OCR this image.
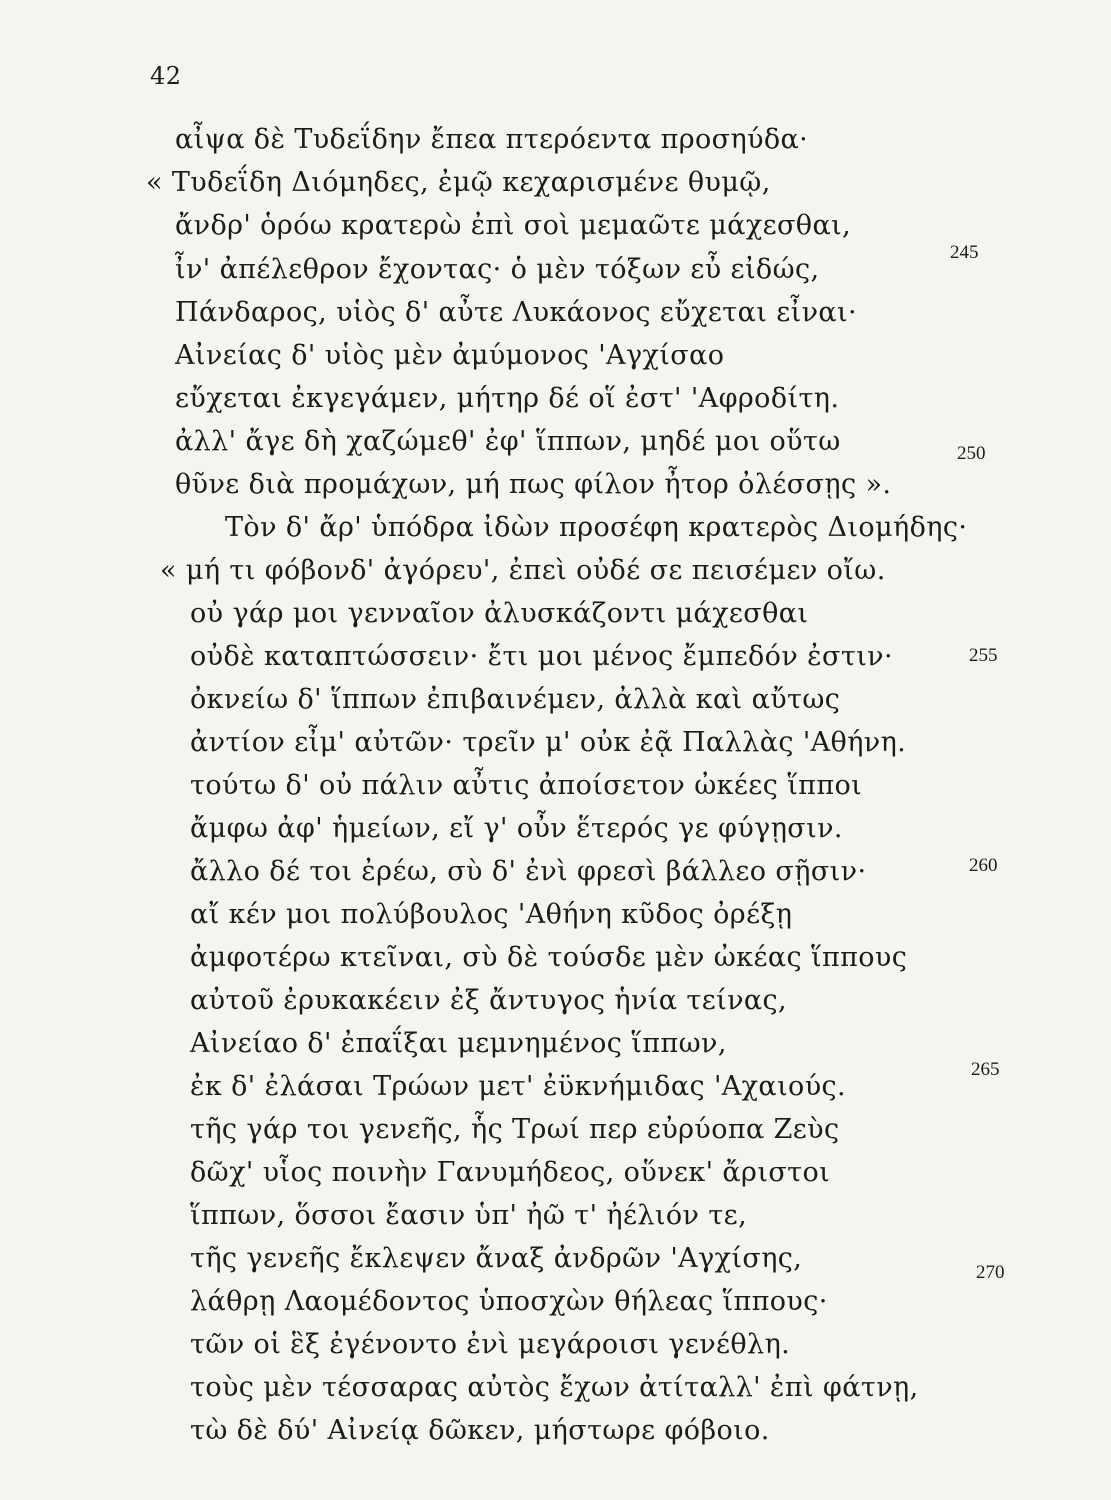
42
αἶψα δὲ Τυδεΐδην ἔπεα πτερόεντα προσηύδα·
« Τυδεΐδη Διόμηδες, ἐμῷ κεχαρισμένε θυμῷ,
ἄνδρ' ὁρόω κρατερὼ ἐπὶ σοὶ μεμαῶτε μάχεσθαι,
ἶν' ἀπέλεθρον ἔχοντας· ὁ μὲν τόξων εὖ εἰδώς,
Πάνδαρος, υἱὸς δ' αὖτε Λυκάονος εὔχεται εἶναι·
Αἰνείας δ' υἱὸς μὲν ἀμύμονος 'Αγχίσαο
εὔχεται ἐκγεγάμεν, μήτηρ δέ οἵ ἐστ' 'Αφροδίτη.
ἀλλ' ἄγε δὴ χαζώμεθ' ἐφ' ἵππων, μηδέ μοι οὕτω
θῦνε διὰ προμάχων, μή πως φίλον ἦτορ ὀλέσσῃς ».
Τὸν δ' ἄρ' ὑπόδρα ἰδὼν προσέφη κρατερὸς Διομήδης·
« μή τι φόβονδ' ἀγόρευ', ἐπεὶ οὐδέ σε πεισέμεν οἴω.
οὐ γάρ μοι γενναῖον ἀλυσκάζοντι μάχεσθαι
οὐδὲ καταπτώσσειν· ἔτι μοι μένος ἔμπεδόν ἐστιν·
ὀκνείω δ' ἵππων ἐπιβαινέμεν, ἀλλὰ καὶ αὔτως
ἀντίον εἶμ' αὐτῶν· τρεῖν μ' οὐκ ἐᾷ Παλλὰς 'Αθήνη.
τούτω δ' οὐ πάλιν αὖτις ἀποίσετον ὠκέες ἵπποι
ἄμφω ἀφ' ἡμείων, εἴ γ' οὖν ἕτερός γε φύγῃσιν.
ἄλλο δέ τοι ἐρέω, σὺ δ' ἐνὶ φρεσὶ βάλλεο σῇσιν·
αἴ κέν μοι πολύβουλος 'Αθήνη κῦδος ὀρέξῃ
ἀμφοτέρω κτεῖναι, σὺ δὲ τούσδε μὲν ὠκέας ἵππους
αὐτοῦ ἐρυκακέειν ἐξ ἄντυγος ἡνία τείνας,
Αἰνείαο δ' ἐπαΐξαι μεμνημένος ἵππων,
ἐκ δ' ἐλάσαι Τρώων μετ' ἐϋκνήμιδας 'Αχαιούς.
τῆς γάρ τοι γενεῆς, ἧς Τρωί περ εὐρύοπα Ζεὺς
δῶχ' υἷος ποινὴν Γανυμήδεος, οὕνεκ' ἄριστοι
ἵππων, ὅσσοι ἔασιν ὑπ' ἠῶ τ' ἠέλιόν τε,
τῆς γενεῆς ἔκλεψεν ἄναξ ἀνδρῶν 'Αγχίσης,
λάθρῃ Λαομέδοντος ὑποσχὼν θήλεας ἵππους·
τῶν οἱ ἓξ ἐγένοντο ἐνὶ μεγάροισι γενέθλη.
τοὺς μὲν τέσσαρας αὐτὸς ἔχων ἀτίταλλ' ἐπὶ φάτνῃ,
τὼ δὲ δύ' Αἰνείᾳ δῶκεν, μήστωρε φόβοιο.
245
250
255
260
265
270
